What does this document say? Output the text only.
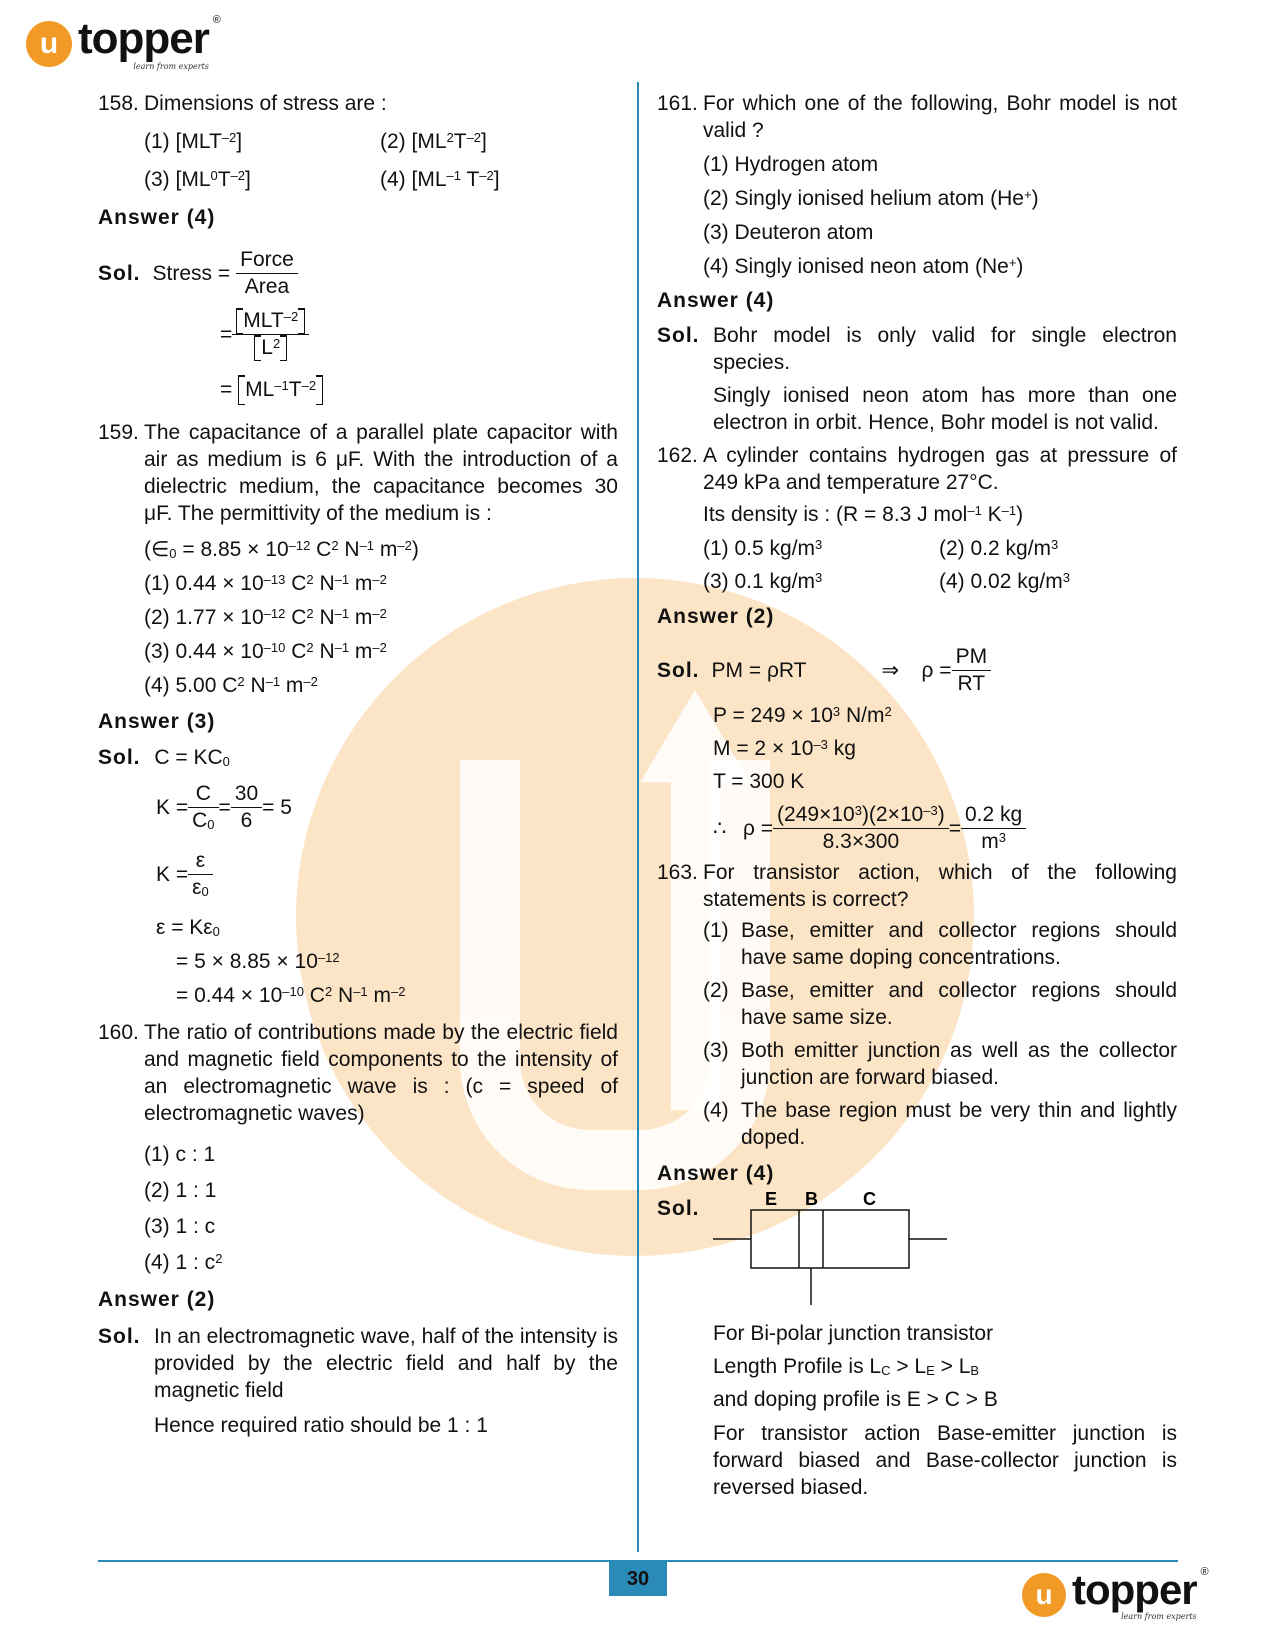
u topper ®
learn from experts
158. Dimensions of stress are :
(1) $[MLT^{-2}]$	(2) $[ML^2T^{-2}]$
(3) $[ML^0T^{-2}]$	(4) [$ML^{-1}$ $T^{-2}$]
Answer (4)
Sol. Stress = $\frac{\text{Force}}{\text{Area}}$
= $\frac{MLT^{-2}}{L^2}$
= $ML^{-1}T^{-2}$
159. The capacitance of a parallel plate capacitor with air as medium is 6 μF. With the introduction of a dielectric medium, the capacitance becomes 30 μF. The permittivity of the medium is :
($\in_0 = 8.85 \times 10^{-12}$ $C^2$ $N^{-1}$ $m^{-2}$)
(1) $0.44 \times 10^{-13}$ $C^2$ $N^{-1}$ $m^{-2}$
(2) $1.77 \times 10^{-12}$ $C^2$ $N^{-1}$ $m^{-2}$
(3) $0.44 \times 10^{-10}$ $C^2$ $N^{-1}$ $m^{-2}$
(4) 5.00 $C^2$ $N^{-1}$ $m^{-2}$
Answer (3)
Sol. $C = KC_0$
$K = \frac{C}{C_0} = \frac{30}{6} = 5$
$K = \frac{\varepsilon}{\varepsilon_0}$
$\varepsilon = K\varepsilon_0$
= $5 \times 8.85 \times 10^{-12}$
= $0.44 \times 10^{-10}$ $C^2$ $N^{-1}$ $m^{-2}$
160. The ratio of contributions made by the electric field and magnetic field components to the intensity of an electromagnetic wave is : (c = speed of electromagnetic waves)
(1) c : 1
(2) 1 : 1
(3) 1 : c
(4) 1 : $c^2$
Answer (2)
Sol. In an electromagnetic wave, half of the intensity is provided by the electric field and half by the magnetic field
Hence required ratio should be 1 : 1
161. For which one of the following, Bohr model is not valid ?
(1) Hydrogen atom
(2) Singly ionised helium atom (He+)
(3) Deuteron atom
(4) Singly ionised neon atom (Ne+)
Answer (4)
Sol. Bohr model is only valid for single electron species.
Singly ionised neon atom has more than one electron in orbit. Hence, Bohr model is not valid.
162. A cylinder contains hydrogen gas at pressure of 249 kPa and temperature 27°C.
Its density is : (R = 8.3 J mol$^{-1}$ $K^{-1}$)
(1) 0.5 $kg/m^3$	(2) 0.2 $kg/m^3$
(3) 0.1 $kg/m^3$	(4) 0.02 $kg/m^3$
Answer (2)
Sol. PM = ρRT	⇒	$\rho = \frac{PM}{RT}$
$P = 249 \times 10^3$ $N/m^2$
$M = 2 \times 10^{-3}$ kg
T = 300 K
∴ $\rho = \frac{(249\times 10^3)(2\times 10^{-3})}{8.3\times 300} = \frac{0.2 kg}{m^3}$
163. For transistor action, which of the following statements is correct?
(1) Base, emitter and collector regions should have same doping concentrations.
(2) Base, emitter and collector regions should have same size.
(3) Both emitter junction as well as the collector junction are forward biased.
(4) The base region must be very thin and lightly doped.
Answer (4)
Sol.	E B	C
For Bi-polar junction transistor
Length Profile is $L_C > L_E > L_B$
and doping profile is E > C > B
For transistor action Base-emitter junction is forward biased and Base-collector junction is reversed biased.
30	u topper ®
learn from experts
